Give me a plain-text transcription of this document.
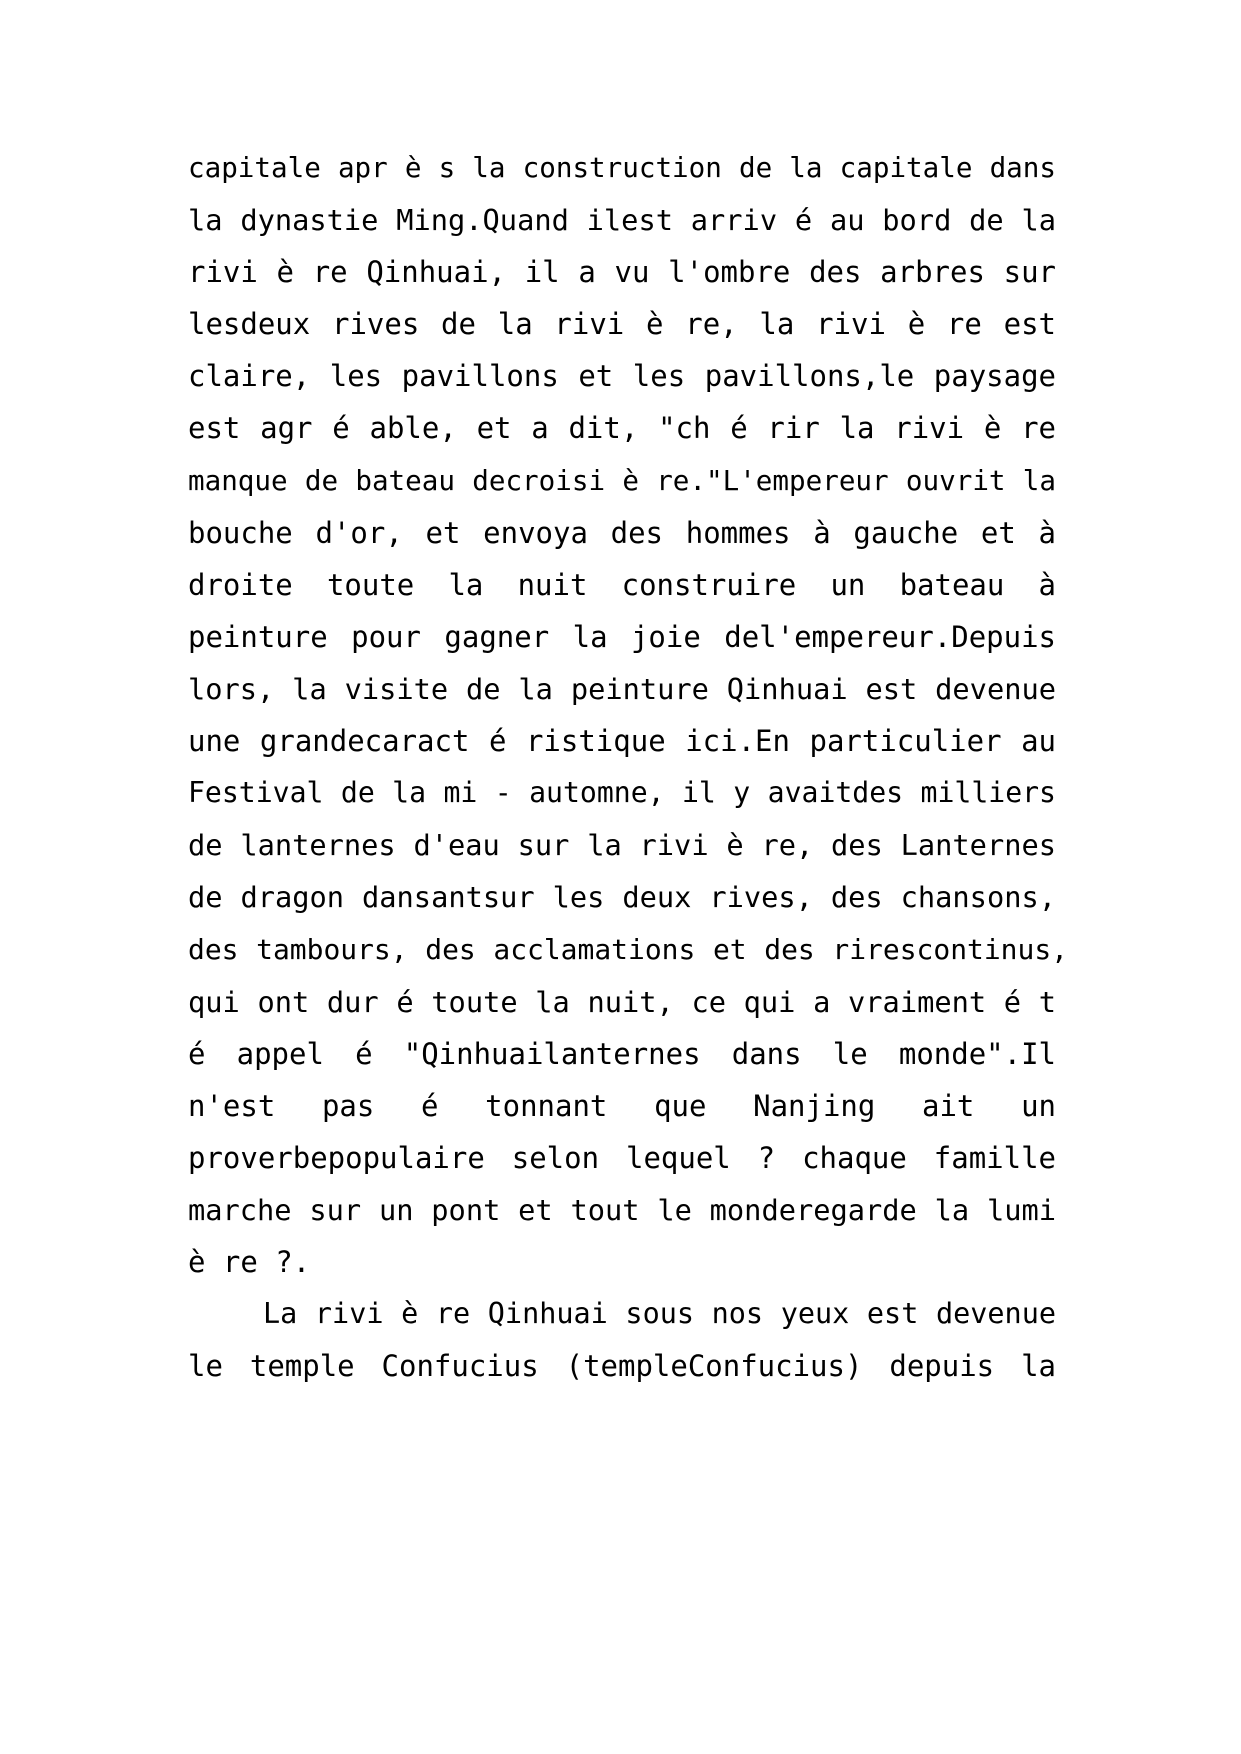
capitale apr è s la construction de la capitale dans
la dynastie Ming.Quand ilest arriv é au bord de la
rivi è re Qinhuai, il a vu l'ombre des arbres sur
lesdeux rives de la rivi è re, la rivi è re est
claire, les pavillons et les pavillons,le paysage
est agr é able, et a dit, "ch é rir la rivi è re
manque de bateau decroisi è re."L'empereur ouvrit la
bouche d'or, et envoya des hommes à gauche et à
droite toute la nuit construire un bateau à
peinture pour gagner la joie del'empereur.Depuis
lors, la visite de la peinture Qinhuai est devenue
une grandecaract é ristique ici.En particulier au
Festival de la mi - automne, il y avaitdes milliers
de lanternes d'eau sur la rivi è re, des Lanternes
de dragon dansantsur les deux rives, des chansons,
des tambours, des acclamations et des rirescontinus,
qui ont dur é toute la nuit, ce qui a vraiment é t
é appel é "Qinhuailanternes dans le monde".Il
n'est pas é tonnant que Nanjing ait un
proverbepopulaire selon lequel ? chaque famille
marche sur un pont et tout le monderegarde la lumi
è re ?.
La rivi è re Qinhuai sous nos yeux est devenue
le temple Confucius (templeConfucius) depuis la
